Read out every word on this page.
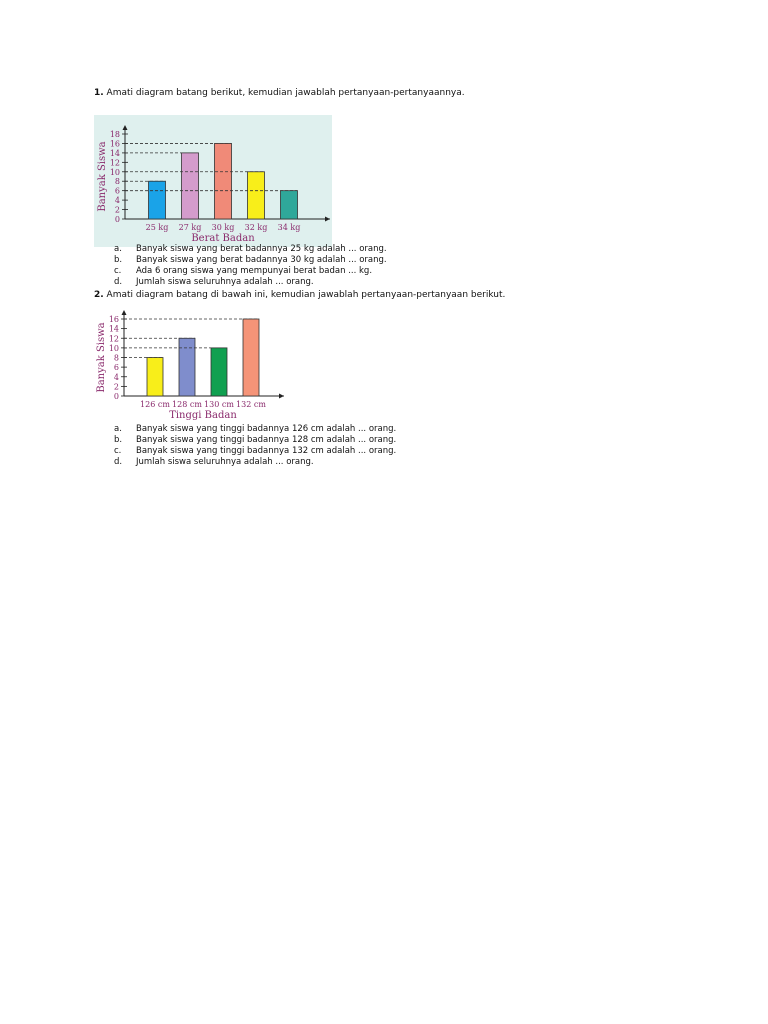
1. Amati diagram batang berikut, kemudian jawablah pertanyaan-pertanyaannya.
0
2
4
6
8
10
12
14
16
18
25 kg 27 kg 30 kg 32 kg 34 kg
Berat Badan
Banyak Siswa
a.	Banyak siswa yang berat badannya 25 kg adalah ... orang.
b.	Banyak siswa yang berat badannya 30 kg adalah ... orang.
c.	Ada 6 orang siswa yang mempunyai berat badan ... kg.
d.	Jumlah siswa seluruhnya adalah ... orang.
2. Amati diagram batang di bawah ini, kemudian jawablah pertanyaan-pertanyaan berikut.
0
2
4
6
8
10
12
14
16
126 cm 128 cm 130 cm 132 cm
Tinggi Badan
Banyak Siswa
a.	Banyak siswa yang tinggi badannya 126 cm adalah ... orang.
b.	Banyak siswa yang tinggi badannya 128 cm adalah ... orang.
c.	Banyak siswa yang tinggi badannya 132 cm adalah ... orang.
d.	Jumlah siswa seluruhnya adalah ... orang.
